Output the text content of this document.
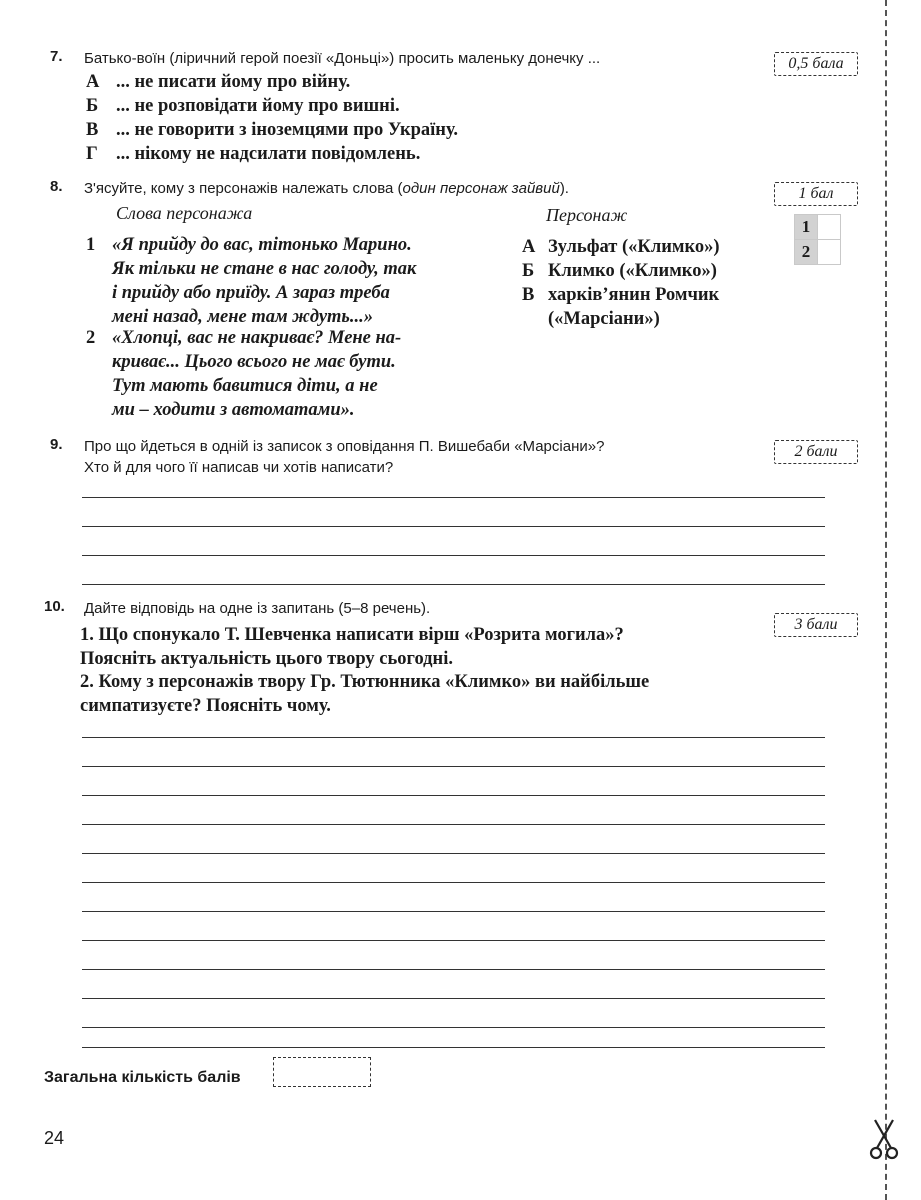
7. Батько-воїн (ліричний герой поезії «Доньці») просить маленьку донечку ...	0,5 бала
А ... не писати йому про війну.
Б ... не розповідати йому про вишні.
В ... не говорити з іноземцями про Україну.
Г ... нікому не надсилати повідомлень.
8. З'ясуйте, кому з персонажів належать слова (один персонаж зайвий).	1 бал
Слова персонажа	Персонаж
1 «Я прийду до вас, тітонько Марино.
Як тільки не стане в нас голоду, так
і прийду або приїду. А зараз треба
мені назад, мене там ждуть...»
2 «Хлопці, вас не накриває? Мене на-
криває... Цього всього не має бути.
Тут мають бавитися діти, а не
ми – ходити з автоматами».
А Зульфат («Климко»)
Б Климко («Климко»)
В харків’янин Ромчик
(«Марсіани»)
1	
2	
9. Про що йдеться в одній із записок з оповідання П. Вишебаби «Марсіани»?
Хто й для чого її написав чи хотів написати?
2 бали
10. Дайте відповідь на одне із запитань (5–8 речень).
3 бали
1. Що спонукало Т. Шевченка написати вірш «Розрита могила»?
Поясніть актуальність цього твору сьогодні.
2. Кому з персонажів твору Гр. Тютюнника «Климко» ви найбільше
симпатизуєте? Поясніть чому.
Загальна кількість балів
24
